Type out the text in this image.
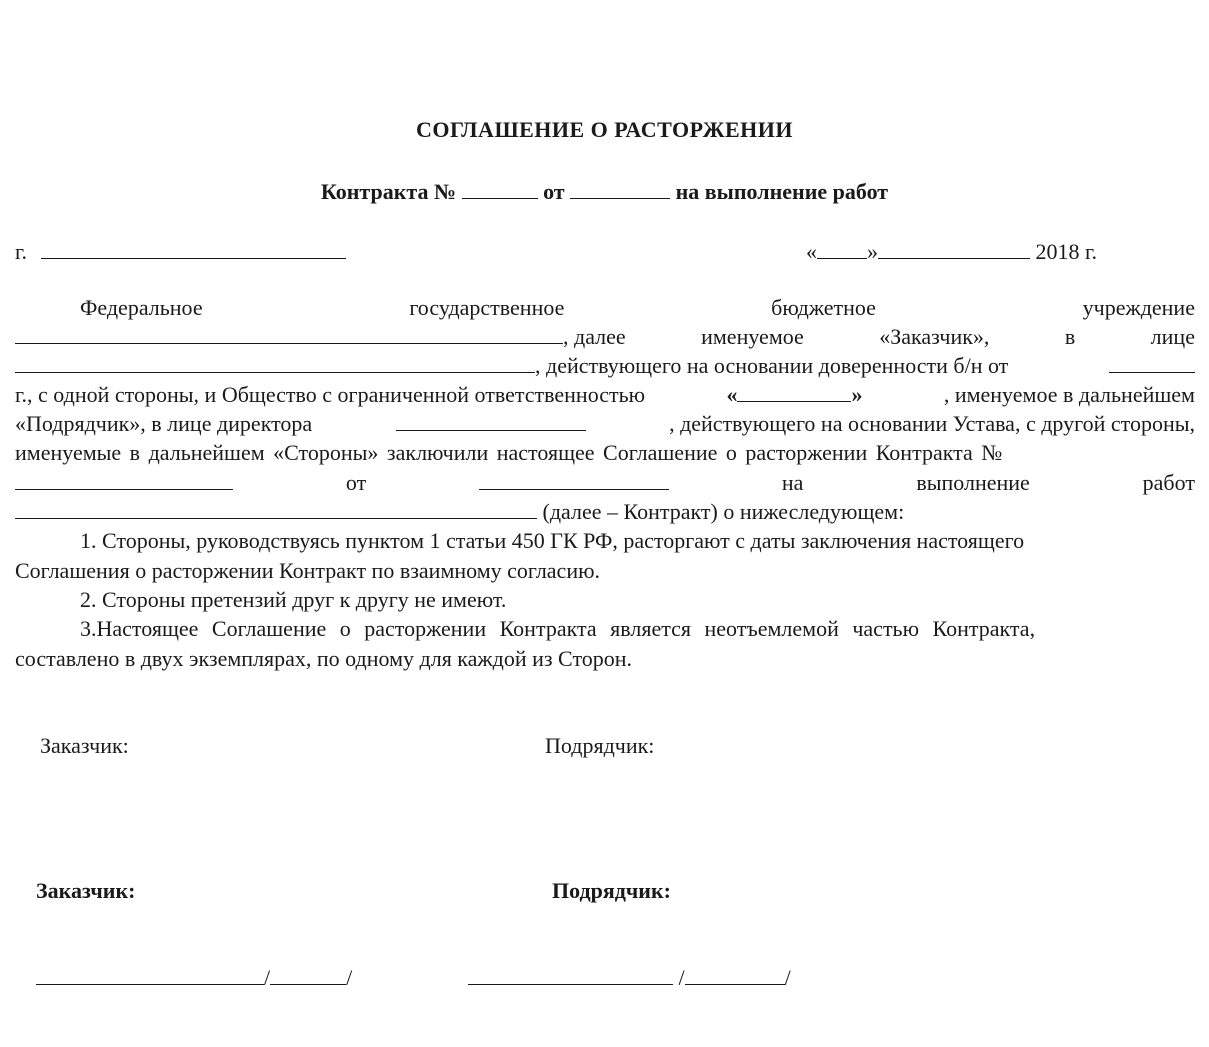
СОГЛАШЕНИЕ О РАСТОРЖЕНИИ
Контракта №	от	на выполнение работ
г.	« »	2018 г.
Федеральное	государственное	бюджетное	учреждение
, далее	именуемое	«Заказчик»,	в	лице
, действующего на основании доверенности б/н от
г., с одной стороны, и Общество с ограниченной ответственностью	«	»	, именуемое в дальнейшем
«Подрядчик», в лице директора	, действующего на основании Устава, с другой стороны,
именуемые в дальнейшем «Стороны» заключили настоящее Соглашение о расторжении Контракта №
от	на	выполнение	работ
(далее – Контракт) о нижеследующем:
1. Стороны, руководствуясь пунктом 1 статьи 450 ГК РФ, расторгают с даты заключения настоящего
Соглашения о расторжении Контракт по взаимному согласию.
2. Стороны претензий друг к другу не имеют.
3.Настоящее Соглашение о расторжении Контракта является неотъемлемой частью Контракта,
составлено в двух экземплярах, по одному для каждой из Сторон.
Заказчик:	Подрядчик:
Заказчик:	Подрядчик:
/	/	/	/
